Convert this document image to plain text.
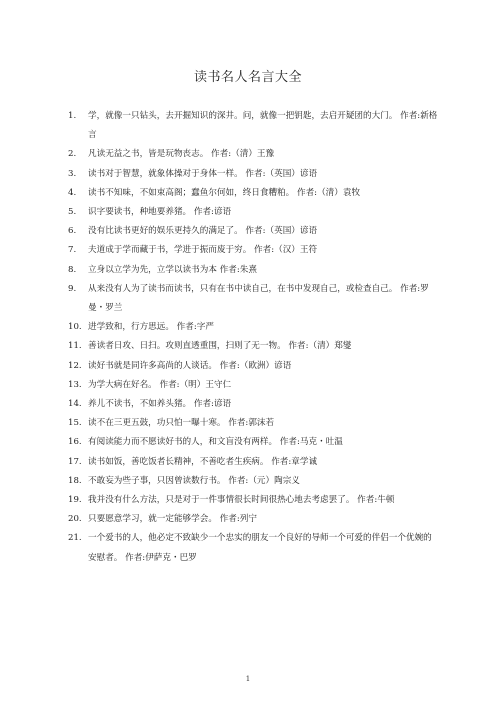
读书名人名言大全
1.	学，就像一只钻头，去开掘知识的深井。问，就像一把钥匙，去启开疑团的大门。 作者:新格言
2.	凡读无益之书，皆是玩物丧志。 作者:（清）王豫
3.	读书对于智慧，就象体操对于身体一样。 作者:（英国）谚语
4.	读书不知味，不如束高阁；蠢鱼尔何如，终日食糟粕。 作者:（清）袁牧
5.	识字要读书，种地要养猪。 作者:谚语
6.	没有比读书更好的娱乐更持久的满足了。 作者:（英国）谚语
7.	夫道成于学而藏于书，学进于振而废于穷。 作者:（汉）王符
8.	立身以立学为先，立学以读书为本 作者:朱熹
9.	从来没有人为了读书而读书，只有在书中读自己，在书中发现自己，或检查自己。 作者:罗曼・罗兰
10. 进学致和，行方思远。 作者:字严
11. 善读者日攻、日扫。攻则直透重围，扫则了无一物。 作者:（清）郑燮
12. 读好书就是同许多高尚的人谈话。 作者:（欧洲）谚语
13. 为学大病在好名。 作者:（明）王守仁
14. 养儿不读书，不如养头猪。 作者:谚语
15. 读不在三更五鼓，功只怕一曝十寒。 作者:郭沫若
16. 有阅读能力而不愿读好书的人，和文盲没有两样。 作者:马克・吐温
17. 读书如饭，善吃饭者长精神，不善吃者生疾病。 作者:章学诚
18. 不敢妄为些子事，只因曾读数行书。 作者:（元）陶宗义
19. 我并没有什么方法，只是对于一件事情很长时间很热心地去考虑罢了。 作者:牛顿
20. 只要愿意学习，就一定能够学会。 作者:列宁
21. 一个爱书的人，他必定不致缺少一个忠实的朋友一个良好的导师一个可爱的伴侣一个优婉的安慰者。 作者:伊萨克・巴罗
1
